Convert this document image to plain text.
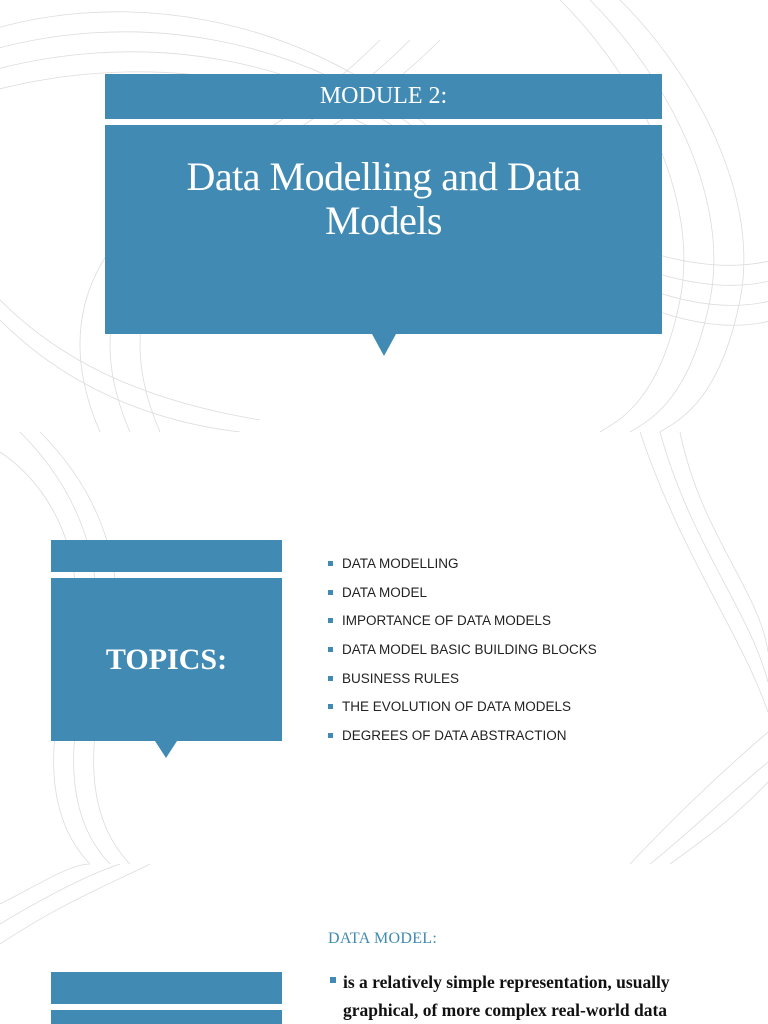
MODULE 2:
Data Modelling and Data Models
TOPICS:
DATA MODELLING
DATA MODEL
IMPORTANCE OF DATA MODELS
DATA MODEL BASIC BUILDING BLOCKS
BUSINESS RULES
THE EVOLUTION OF DATA MODELS
DEGREES OF DATA ABSTRACTION
DATA MODEL:
is a relatively simple representation, usually graphical, of more complex real-world data
